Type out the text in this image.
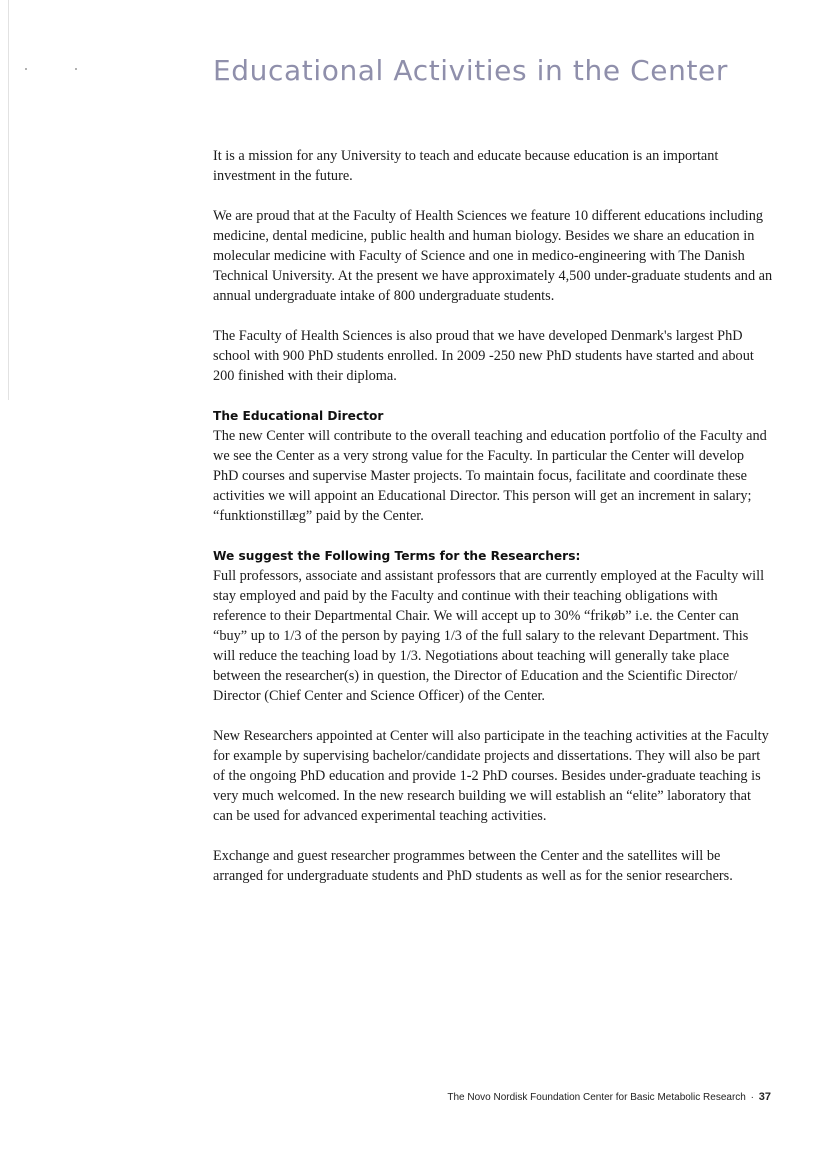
Educational Activities in the Center

It is a mission for any University to teach and educate because education is an important investment in the future.

We are proud that at the Faculty of Health Sciences we feature 10 different educations including medicine, dental medicine, public health and human biology. Besides we share an education in molecular medicine with Faculty of Science and one in medico-engineering with The Danish Technical University. At the present we have approximately 4,500 under-graduate students and an annual undergraduate intake of 800 undergraduate students.

The Faculty of Health Sciences is also proud that we have developed Denmark's largest PhD school with 900 PhD students enrolled. In 2009 -250 new PhD students have started and about 200 finished with their diploma.

The Educational Director

The new Center will contribute to the overall teaching and education portfolio of the Faculty and we see the Center as a very strong value for the Faculty. In particular the Center will develop PhD courses and supervise Master projects. To maintain focus, facilitate and coordinate these activities we will appoint an Educational Director. This person will get an increment in salary; “funktionstillæg” paid by the Center.

We suggest the Following Terms for the Researchers:

Full professors, associate and assistant professors that are currently employed at the Faculty will stay employed and paid by the Faculty and continue with their teaching obligations with reference to their Departmental Chair. We will accept up to 30% “frikøb” i.e. the Center can “buy” up to 1/3 of the person by paying 1/3 of the full salary to the relevant Department. This will reduce the teaching load by 1/3. Negotiations about teaching will generally take place between the researcher(s) in question, the Director of Education and the Scientific Director/ Director (Chief Center and Science Officer) of the Center.

New Researchers appointed at Center will also participate in the teaching activities at the Faculty for example by supervising bachelor/candidate projects and dissertations. They will also be part of the ongoing PhD education and provide 1-2 PhD courses. Besides under-graduate teaching is very much welcomed. In the new research building we will establish an “elite” laboratory that can be used for advanced experimental teaching activities.

Exchange and guest researcher programmes between the Center and the satellites will be arranged for undergraduate students and PhD students as well as for the senior researchers.

The Novo Nordisk Foundation Center for Basic Metabolic Research · 37
